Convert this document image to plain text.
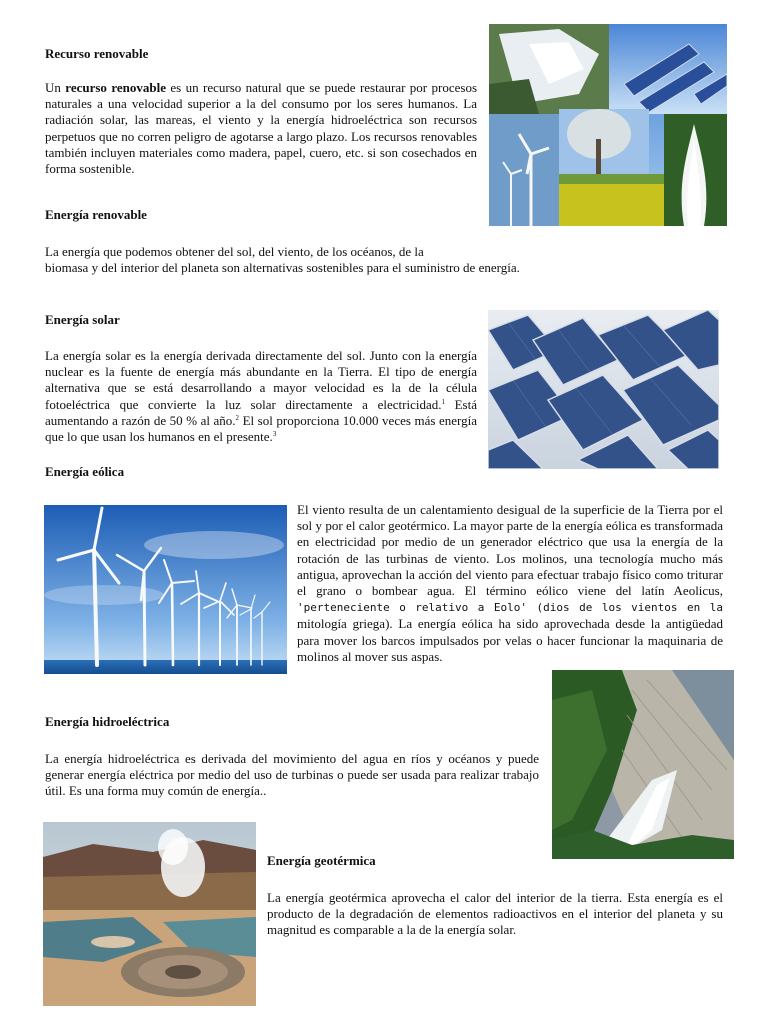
Recurso renovable

Un recurso renovable es un recurso natural que se puede restaurar por procesos naturales a una velocidad superior a la del consumo por los seres humanos. La radiación solar, las mareas, el viento y la energía hidroeléctrica son recursos perpetuos que no corren peligro de agotarse a largo plazo. Los recursos renovables también incluyen materiales como madera, papel, cuero, etc. si son cosechados en forma sostenible.

Energía renovable

La energía que podemos obtener del sol, del viento, de los océanos, de la

biomasa y del interior del planeta son alternativas sostenibles para el suministro de energía.

Energía solar

La energía solar es la energía derivada directamente del sol. Junto con la energía nuclear es la fuente de energía más abundante en la Tierra. El tipo de energía alternativa que se está desarrollando a mayor velocidad es la de la célula fotoeléctrica que convierte la luz solar directamente a electricidad.$^1$ Está aumentando a razón de 50 % al año.$^2$ El sol proporciona 10.000 veces más energía que lo que usan los humanos en el presente.$^3$

Energía eólica

El viento resulta de un calentamiento desigual de la superficie de la Tierra por el sol y por el calor geotérmico. La mayor parte de la energía eólica es transformada en electricidad por medio de un generador eléctrico que usa la energía de la rotación de las turbinas de viento. Los molinos, una tecnología mucho más antigua, aprovechan la acción del viento para efectuar trabajo físico como triturar el grano o bombear agua. El término eólico viene del latín Aeolicus, 'perteneciente o relativo a Eolo' (dios de los vientos en la mitología griega). La energía eólica ha sido aprovechada desde la antigüedad para mover los barcos impulsados por velas o hacer funcionar la maquinaria de molinos al mover sus aspas.

Energía hidroeléctrica

La energía hidroeléctrica es derivada del movimiento del agua en ríos y océanos y puede generar energía eléctrica por medio del uso de turbinas o puede ser usada para realizar trabajo útil. Es una forma muy común de energía..

Energía geotérmica

La energía geotérmica aprovecha el calor del interior de la tierra. Esta energía es el producto de la degradación de elementos radioactivos en el interior del planeta y su magnitud es comparable a la de la energía solar.
